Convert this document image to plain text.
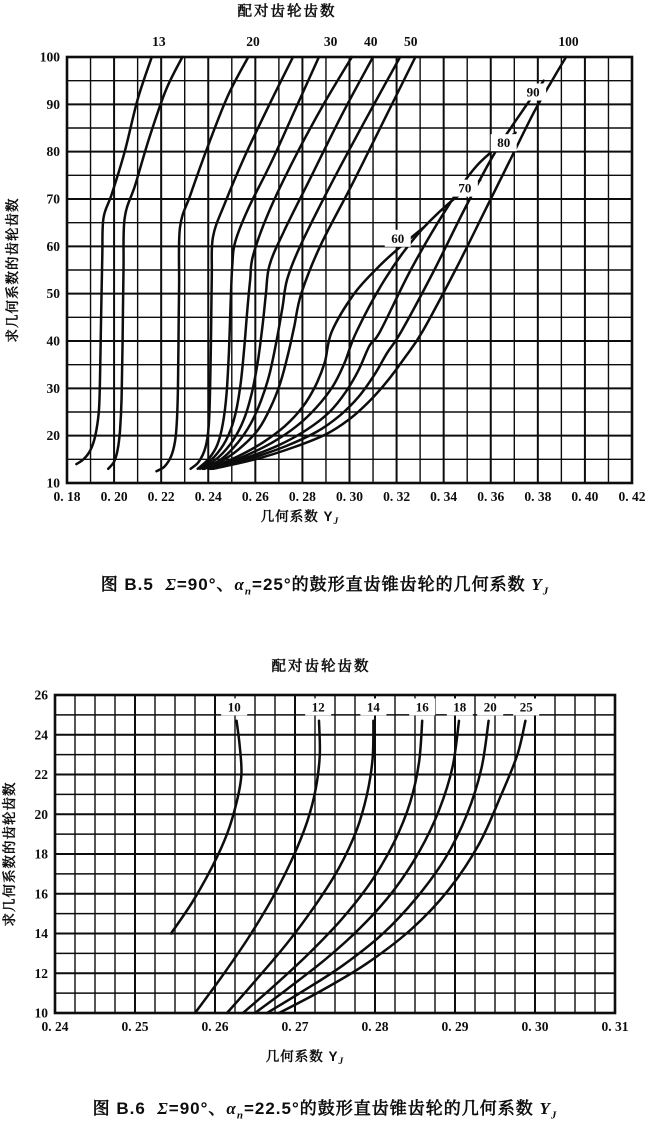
13	20	30 40 50	100
60
70
80
90
0. 18 0. 20 0. 22 0. 24 0. 26 0. 28 0. 30 0. 32 0. 34 0. 36 0. 38 0. 40 0. 42
10
20
30
40
50
60
70
80
90
100
配对齿轮齿数
求几何系数的齿轮齿数
几何系数 $Y_J$
图 B.5 Σ=90°、$\alpha_n=25^\circ$的鼓形直齿锥齿轮的几何系数 $Y_J$
10	12	14	16 18 20 25
0. 24	0. 25	0. 26	0. 27	0. 28	0. 29	0. 30	0. 31
10
12
14
16
18
20
22
24
26
配对齿轮齿数
求几何系数的齿轮齿数
几何系数 $Y_J$
图 B.6 Σ=90°、$\alpha_n=22.5^\circ$的鼓形直齿锥齿轮的几何系数 $Y_J$
